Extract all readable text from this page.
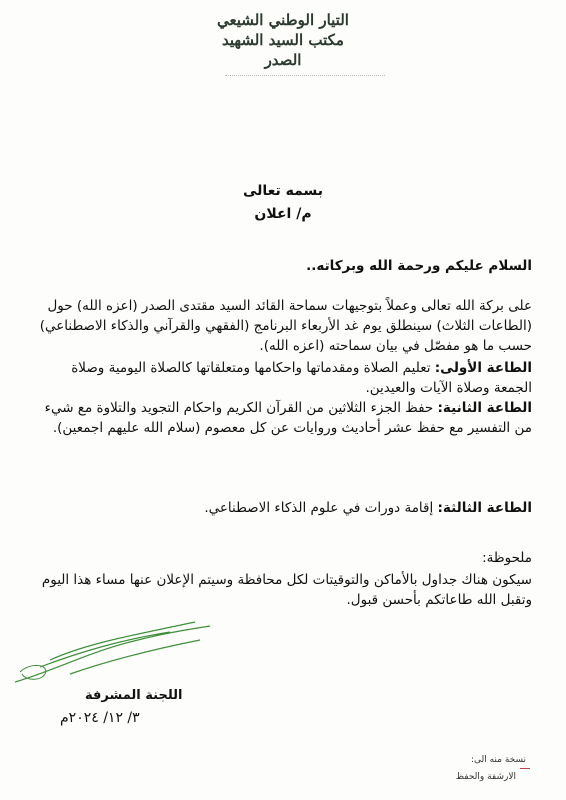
التيار الوطني الشيعي
مكتب السيد الشهيد الصدر
بسمه تعالى
م/ اعلان
السلام عليكم ورحمة الله وبركاته..
على بركة الله تعالى وعملاً بتوجيهات سماحة القائد السيد مقتدى الصدر (اعزه الله) حول (الطاعات الثلاث) سينطلق يوم غد الأربعاء البرنامج (الفقهي والقرآني والذكاء الاصطناعي) حسب ما هو مفصّل في بيان سماحته (اعزه الله).
الطاعة الأولى: تعليم الصلاة ومقدماتها واحكامها ومتعلقاتها كالصلاة اليومية وصلاة الجمعة وصلاة الآيات والعيدين.
الطاعة الثانية: حفظ الجزء الثلاثين من القرآن الكريم واحكام التجويد والتلاوة مع شيء من التفسير مع حفظ عشر أحاديث وروايات عن كل معصوم (سلام الله عليهم اجمعين).
الطاعة الثالثة: إقامة دورات في علوم الذكاء الاصطناعي.
ملحوظة:
سيكون هناك جداول بالأماكن والتوقيتات لكل محافظة وسيتم الإعلان عنها مساء هذا اليوم وتقبل الله طاعاتكم بأحسن قبول.
اللجنة المشرفة
٣/ ١٢/ ٢٠٢٤م
نسخة منه الى:
الارشفة والحفظ
